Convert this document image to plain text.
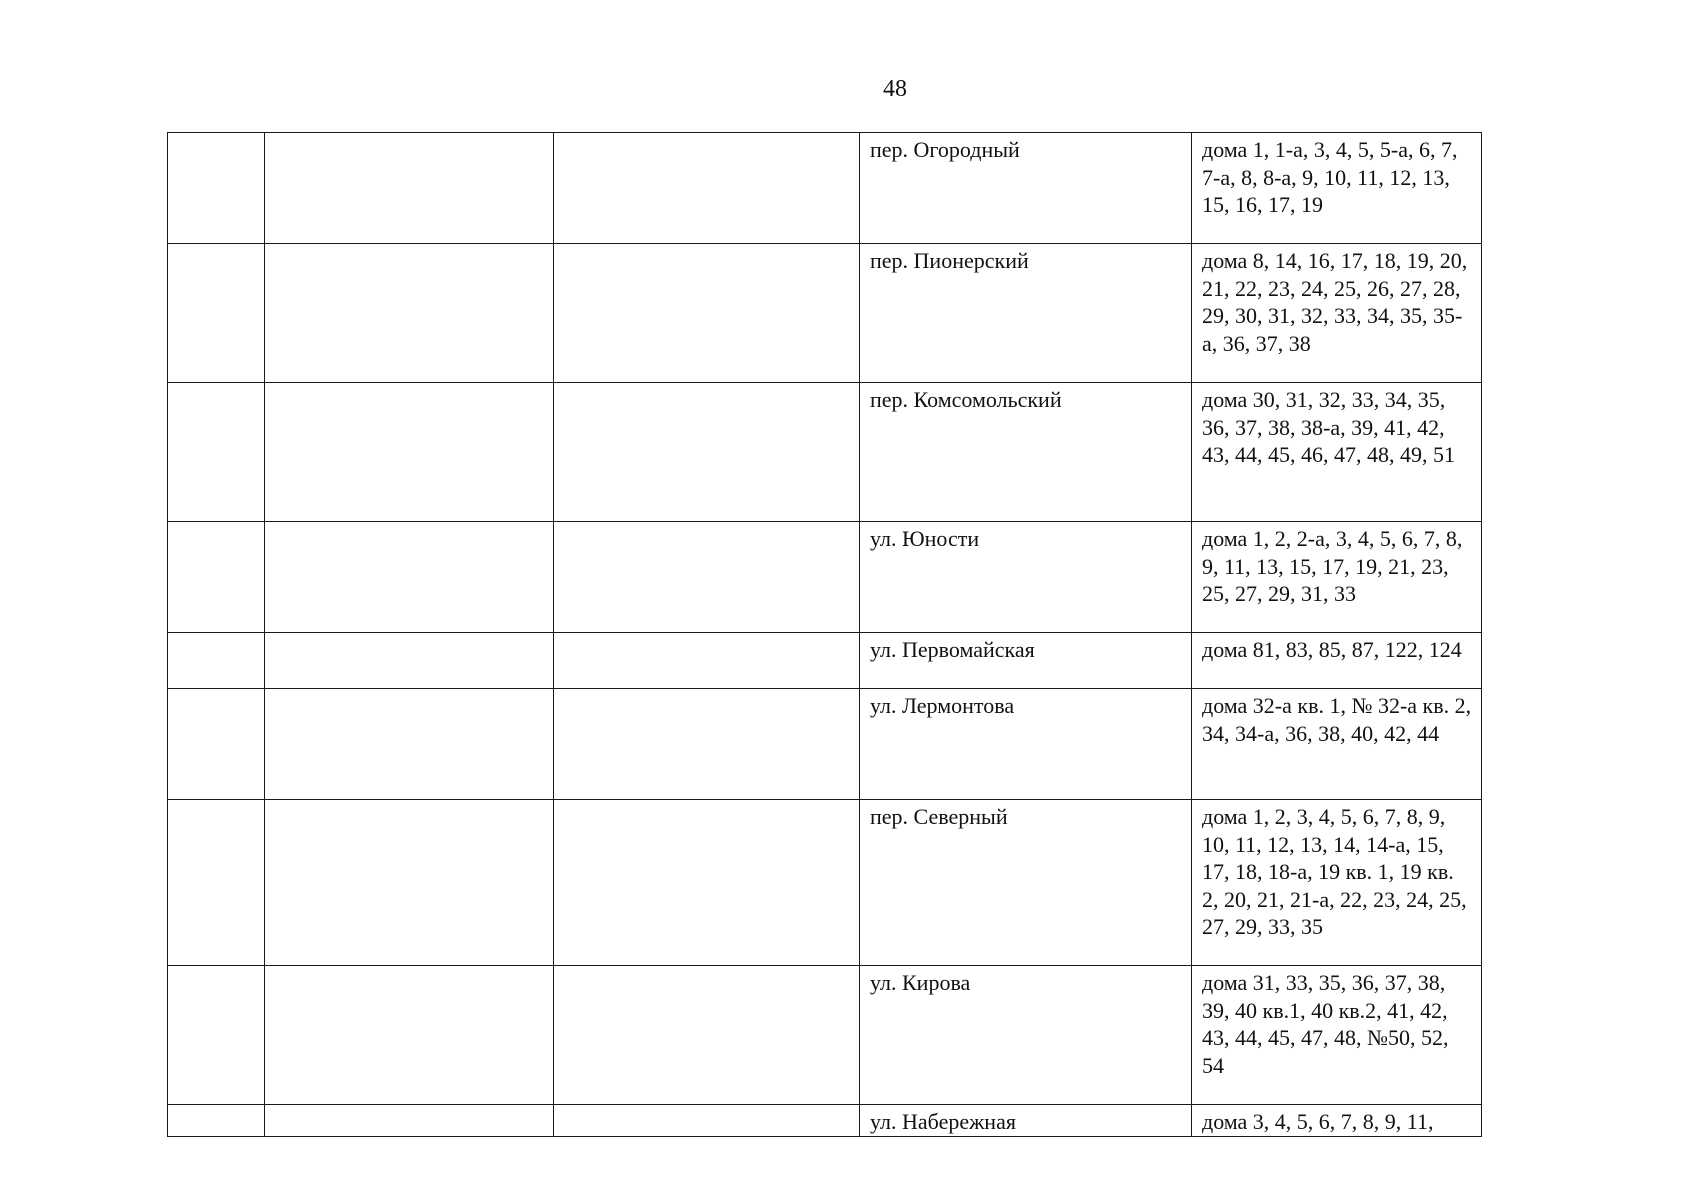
48
			пер. Огородный	дома 1, 1-а, 3, 4, 5, 5-а, 6, 7, 7-а, 8, 8-а, 9, 10, 11, 12, 13, 15, 16, 17, 19
			пер. Пионерский	дома 8, 14, 16, 17, 18, 19, 20, 21, 22, 23, 24, 25, 26, 27, 28, 29, 30, 31, 32, 33, 34, 35, 35-а, 36, 37, 38
			пер. Комсомольский	дома 30, 31, 32, 33, 34, 35, 36, 37, 38, 38-а, 39, 41, 42, 43, 44, 45, 46, 47, 48, 49, 51
			ул. Юности	дома 1, 2, 2-а, 3, 4, 5, 6, 7, 8, 9, 11, 13, 15, 17, 19, 21, 23, 25, 27, 29, 31, 33
			ул. Первомайская	дома 81, 83, 85, 87, 122, 124
			ул. Лермонтова	дома 32-а кв. 1, № 32-а кв. 2, 34, 34-а, 36, 38, 40, 42, 44
			пер. Северный	дома 1, 2, 3, 4, 5, 6, 7, 8, 9, 10, 11, 12, 13, 14, 14-а, 15, 17, 18, 18-а, 19 кв. 1, 19 кв. 2, 20, 21, 21-а, 22, 23, 24, 25, 27, 29, 33, 35
			ул. Кирова	дома 31, 33, 35, 36, 37, 38, 39, 40 кв.1, 40 кв.2, 41, 42, 43, 44, 45, 47, 48, №50, 52, 54
			ул. Набережная	дома 3, 4, 5, 6, 7, 8, 9, 11,
